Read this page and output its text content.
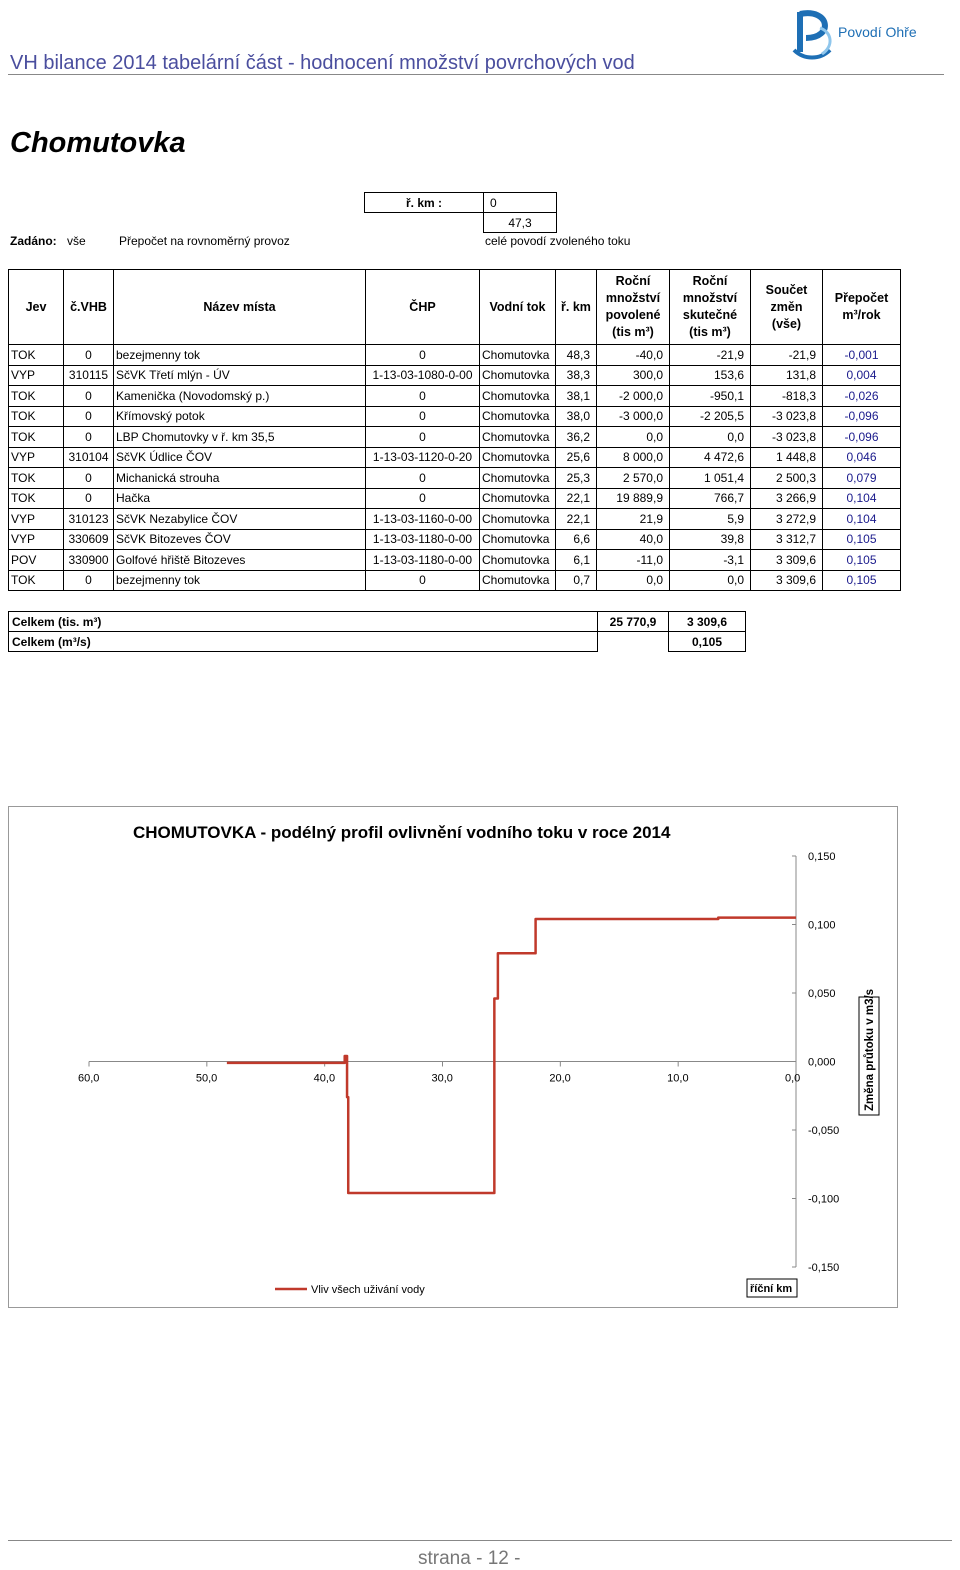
VH bilance 2014 tabelární část - hodnocení množství povrchových vod
Povodí Ohře
Chomutovka
ř. km :	0
	47,3
Zadáno: vše	Přepočet na rovnoměrný provoz	celé povodí zvoleného toku
Jev	č.VHB	Název místa	ČHP	Vodní tok	ř. km	Roční
množství
povolené
(tis m³)	Roční
množství
skutečné
(tis m³)	Součet
změn
(vše)	Přepočet
m³/rok
TOK	0	bezejmenny tok	0	Chomutovka	48,3	-40,0	-21,9	-21,9	-0,001
VYP	310115	SčVK Třetí mlýn - ÚV	1-13-03-1080-0-00	Chomutovka	38,3	300,0	153,6	131,8	0,004
TOK	0	Kamenička (Novodomský p.)	0	Chomutovka	38,1	-2 000,0	-950,1	-818,3	-0,026
TOK	0	Křímovský potok	0	Chomutovka	38,0	-3 000,0	-2 205,5	-3 023,8	-0,096
TOK	0	LBP Chomutovky v ř. km 35,5	0	Chomutovka	36,2	0,0	0,0	-3 023,8	-0,096
VYP	310104	SčVK Údlice ČOV	1-13-03-1120-0-20	Chomutovka	25,6	8 000,0	4 472,6	1 448,8	0,046
TOK	0	Michanická strouha	0	Chomutovka	25,3	2 570,0	1 051,4	2 500,3	0,079
TOK	0	Hačka	0	Chomutovka	22,1	19 889,9	766,7	3 266,9	0,104
VYP	310123	SčVK Nezabylice ČOV	1-13-03-1160-0-00	Chomutovka	22,1	21,9	5,9	3 272,9	0,104
VYP	330609	SčVK Bitozeves ČOV	1-13-03-1180-0-00	Chomutovka	6,6	40,0	39,8	3 312,7	0,105
POV	330900	Golfové hřiště Bitozeves	1-13-03-1180-0-00	Chomutovka	6,1	-11,0	-3,1	3 309,6	0,105
TOK	0	bezejmenny tok	0	Chomutovka	0,7	0,0	0,0	3 309,6	0,105
Celkem (tis. m³)	25 770,9	3 309,6
Celkem (m³/s)		0,105
CHOMUTOVKA - podélný profil ovlivnění vodního toku v roce 2014
60,0	50,0	40,0	30,0	20,0	10,0	0,0
0,150
0,100
0,050
0,000
-0,050
-0,100
-0,150
Změna průtoku v m3/s
Vliv všech uživání vody	říční km
strana - 12 -
